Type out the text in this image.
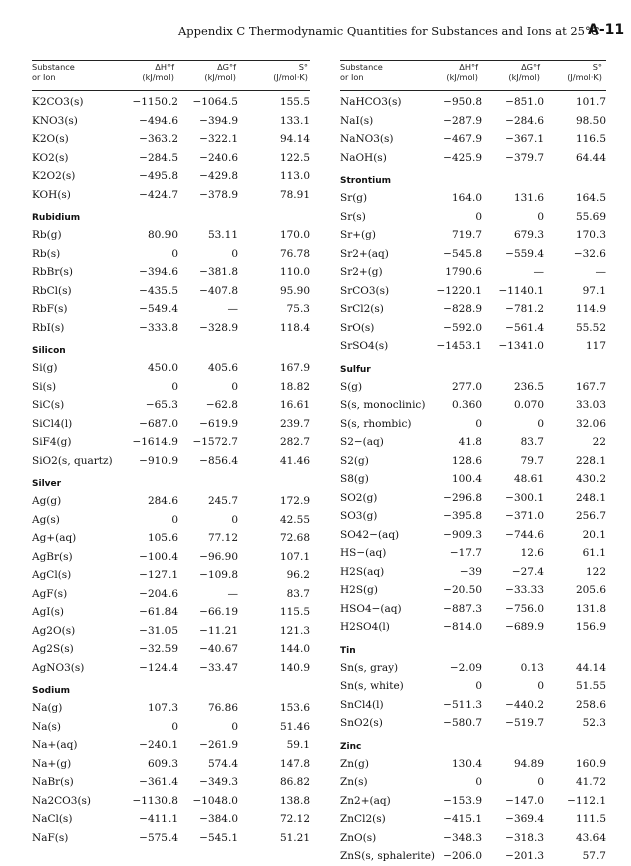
Appendix C Thermodynamic Quantities for Substances and Ions at 25°C
A-11
Substance
or Ion
ΔH°f
(kJ/mol)
ΔG°f
(kJ/mol)
S°
(J/mol·K)
K2CO3(s)	−1150.2	−1064.5	155.5
KNO3(s)	−494.6	−394.9	133.1
K2O(s)	−363.2	−322.1	94.14
KO2(s)	−284.5	−240.6	122.5
K2O2(s)	−495.8	−429.8	113.0
KOH(s)	−424.7	−378.9	78.91
Rubidium
Rb(g)	80.90	53.11	170.0
Rb(s)	0	0	76.78
RbBr(s)	−394.6	−381.8	110.0
RbCl(s)	−435.5	−407.8	95.90
RbF(s)	−549.4	—	75.3
RbI(s)	−333.8	−328.9	118.4
Silicon
Si(g)	450.0	405.6	167.9
Si(s)	0	0	18.82
SiC(s)	−65.3	−62.8	16.61
SiCl4(l)	−687.0	−619.9	239.7
SiF4(g)	−1614.9	−1572.7	282.7
SiO2(s, quartz)	−910.9	−856.4	41.46
Silver
Ag(g)	284.6	245.7	172.9
Ag(s)	0	0	42.55
Ag+(aq)	105.6	77.12	72.68
AgBr(s)	−100.4	−96.90	107.1
AgCl(s)	−127.1	−109.8	96.2
AgF(s)	−204.6	—	83.7
AgI(s)	−61.84	−66.19	115.5
Ag2O(s)	−31.05	−11.21	121.3
Ag2S(s)	−32.59	−40.67	144.0
AgNO3(s)	−124.4	−33.47	140.9
Sodium
Na(g)	107.3	76.86	153.6
Na(s)	0	0	51.46
Na+(aq)	−240.1	−261.9	59.1
Na+(g)	609.3	574.4	147.8
NaBr(s)	−361.4	−349.3	86.82
Na2CO3(s)	−1130.8	−1048.0	138.8
NaCl(s)	−411.1	−384.0	72.12
NaF(s)	−575.4	−545.1	51.21
Substance
or Ion
ΔH°f
(kJ/mol)
ΔG°f
(kJ/mol)
S°
(J/mol·K)
NaHCO3(s)	−950.8	−851.0	101.7
NaI(s)	−287.9	−284.6	98.50
NaNO3(s)	−467.9	−367.1	116.5
NaOH(s)	−425.9	−379.7	64.44
Strontium
Sr(g)	164.0	131.6	164.5
Sr(s)	0	0	55.69
Sr+(g)	719.7	679.3	170.3
Sr2+(aq)	−545.8	−559.4	−32.6
Sr2+(g)	1790.6	—	—
SrCO3(s)	−1220.1	−1140.1	97.1
SrCl2(s)	−828.9	−781.2	114.9
SrO(s)	−592.0	−561.4	55.52
SrSO4(s)	−1453.1	−1341.0	117
Sulfur
S(g)	277.0	236.5	167.7
S(s, monoclinic)	0.360	0.070	33.03
S(s, rhombic)	0	0	32.06
S2−(aq)	41.8	83.7	22
S2(g)	128.6	79.7	228.1
S8(g)	100.4	48.61	430.2
SO2(g)	−296.8	−300.1	248.1
SO3(g)	−395.8	−371.0	256.7
SO42−(aq)	−909.3	−744.6	20.1
HS−(aq)	−17.7	12.6	61.1
H2S(aq)	−39	−27.4	122
H2S(g)	−20.50	−33.33	205.6
HSO4−(aq)	−887.3	−756.0	131.8
H2SO4(l)	−814.0	−689.9	156.9
Tin
Sn(s, gray)	−2.09	0.13	44.14
Sn(s, white)	0	0	51.55
SnCl4(l)	−511.3	−440.2	258.6
SnO2(s)	−580.7	−519.7	52.3
Zinc
Zn(g)	130.4	94.89	160.9
Zn(s)	0	0	41.72
Zn2+(aq)	−153.9	−147.0	−112.1
ZnCl2(s)	−415.1	−369.4	111.5
ZnO(s)	−348.3	−318.3	43.64
ZnS(s, sphalerite) −206.0	−201.3	57.7
